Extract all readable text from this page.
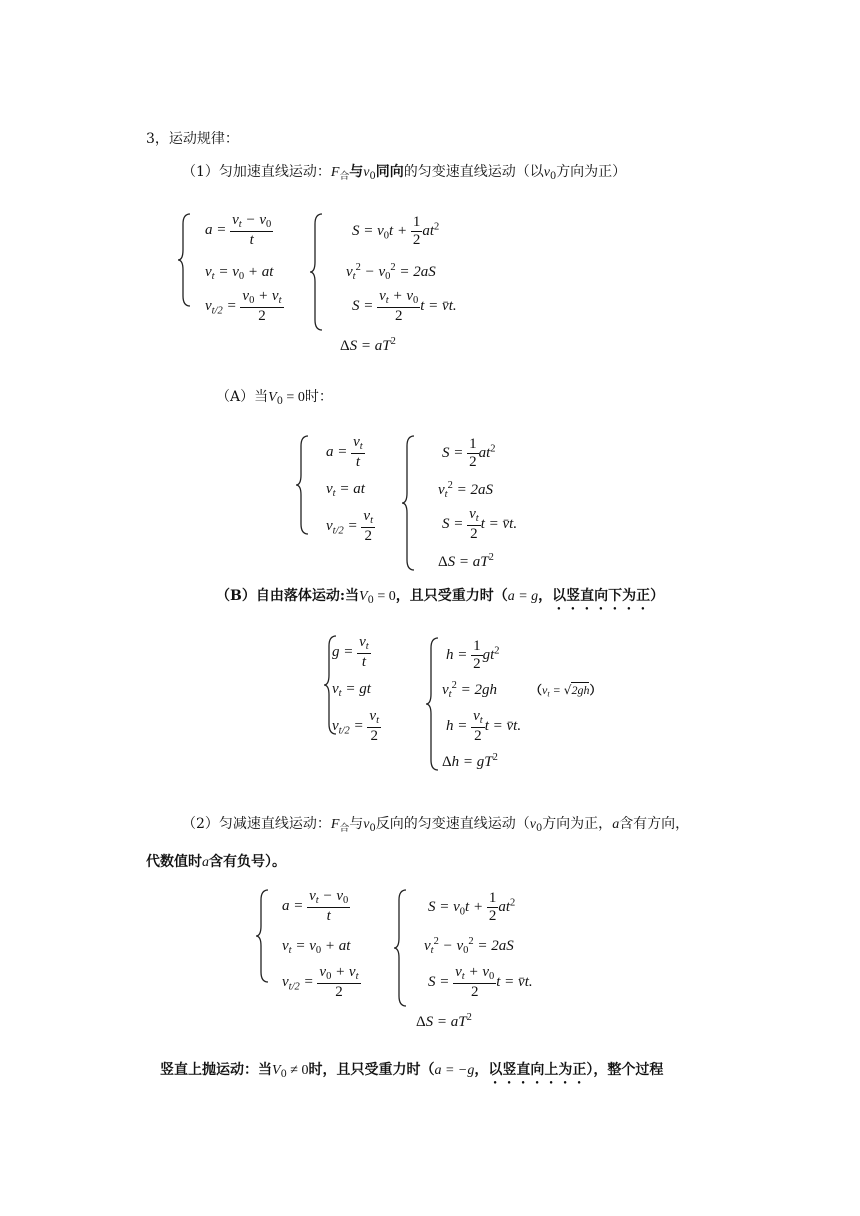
3，运动规律：
（1）匀加速直线运动：$F_合$与$v_0$同向的匀变速直线运动（以$v_0$方向为正）
$a = \frac{v_t - v_0}{t}$
$v_t = v_0$ + at
$v_{t/2} = \frac{v_0 + v_t}{2}$
$S = v_0t + \frac{1}{2} at^2$
$v_t^2 - v_0^2 = 2aS$
$S = \frac{v_t + v_0}{2}$ t = v̄t.
$\Delta S = aT^2$
（A）当$V_0 = 0$时：
$a = \frac{v_t}{t}$
$v_t$ = at
$v_{t/2} = \frac{v_t}{2}$
$S = \frac{1}{2} at^2$
$v_t^2 = 2aS$
$S = \frac{v_t}{2}$ t = v̄t.
$\Delta S = aT^2$
（B）自由落体运动:当$V_0 = 0$，且只受重力时（a = g，以竖直向下为正）
$g = \frac{v_t}{t}$
$v_t$ = gt
$v_{t/2} = \frac{v_t}{2}$
$h = \frac{1}{2} gt^2$
$v_t^2 = 2gh$	$(v_t = √2gh)$
$h = \frac{v_t}{2}$ t = v̄t.
$\Delta h = gT^2$
（2）匀减速直线运动：$F_合$与$v_0$反向的匀变速直线运动（$v_0$方向为正，a含有方向，
代数值时a含有负号）。
$a = \frac{v_t - v_0}{t}$
$v_t = v_0$ + at
$v_{t/2} = \frac{v_0 + v_t}{2}$
$S = v_0t + \frac{1}{2} at^2$
$v_t^2 - v_0^2 = 2aS$
$S = \frac{v_t + v_0}{2}$ t = v̄t.
$\Delta S = aT^2$
竖直上抛运动：当$V_0 \ne 0$时，且只受重力时（a = −g，以竖直向上为正），整个过程
